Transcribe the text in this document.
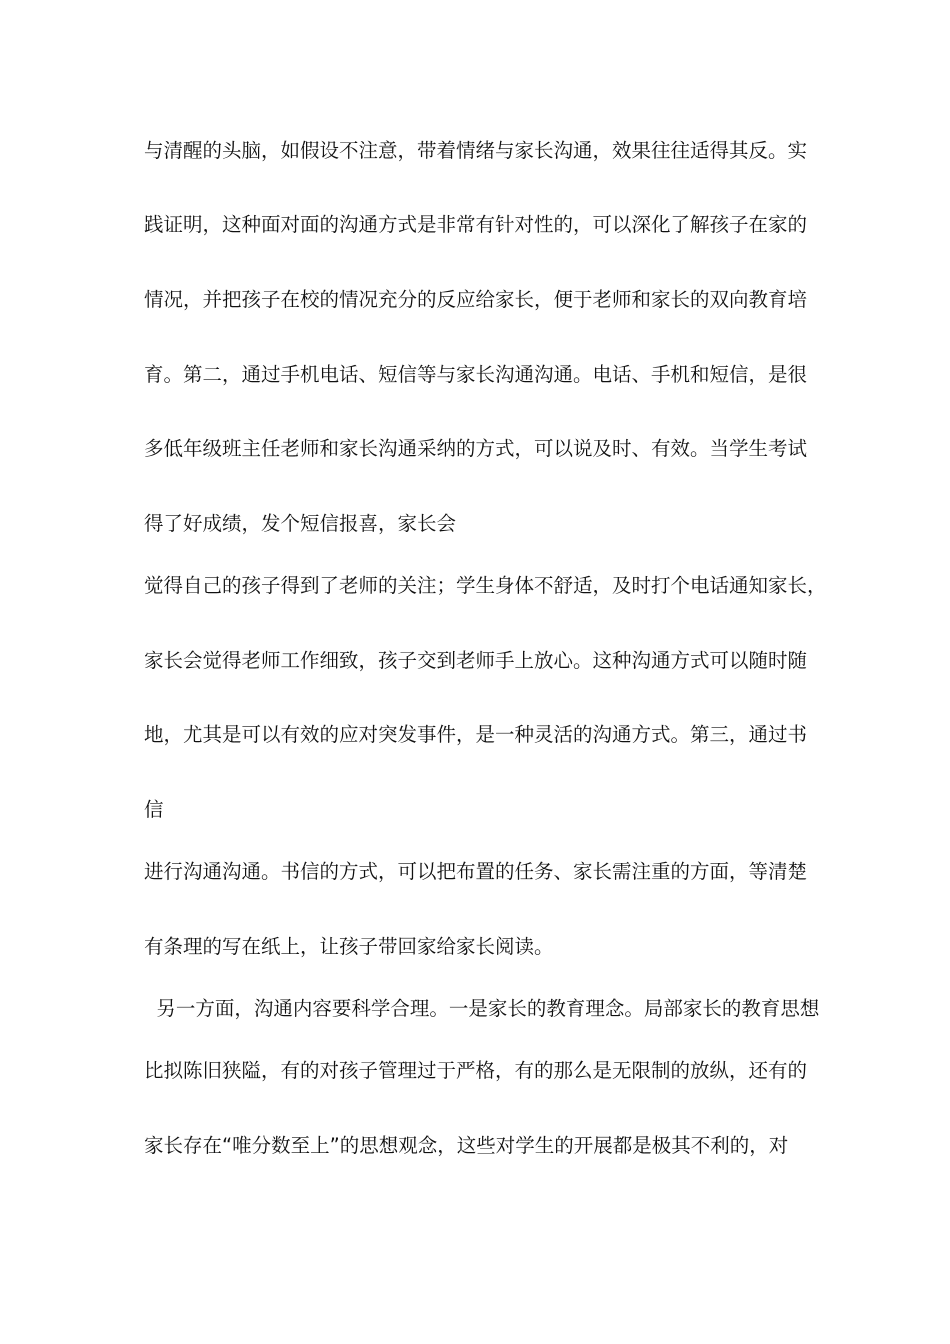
与清醒的头脑，如假设不注意，带着情绪与家长沟通，效果往往适得其反。实
践证明，这种面对面的沟通方式是非常有针对性的，可以深化了解孩子在家的
情况，并把孩子在校的情况充分的反应给家长，便于老师和家长的双向教育培
育。第二，通过手机电话、短信等与家长沟通沟通。电话、手机和短信，是很
多低年级班主任老师和家长沟通采纳的方式，可以说及时、有效。当学生考试
得了好成绩，发个短信报喜，家长会
觉得自己的孩子得到了老师的关注；学生身体不舒适，及时打个电话通知家长，
家长会觉得老师工作细致，孩子交到老师手上放心。这种沟通方式可以随时随
地，尤其是可以有效的应对突发事件，是一种灵活的沟通方式。第三，通过书
信
进行沟通沟通。书信的方式，可以把布置的任务、家长需注重的方面，等清楚
有条理的写在纸上，让孩子带回家给家长阅读。
另一方面，沟通内容要科学合理。一是家长的教育理念。局部家长的教育思想
比拟陈旧狭隘，有的对孩子管理过于严格，有的那么是无限制的放纵，还有的
家长存在“唯分数至上”的思想观念，这些对学生的开展都是极其不利的，对
